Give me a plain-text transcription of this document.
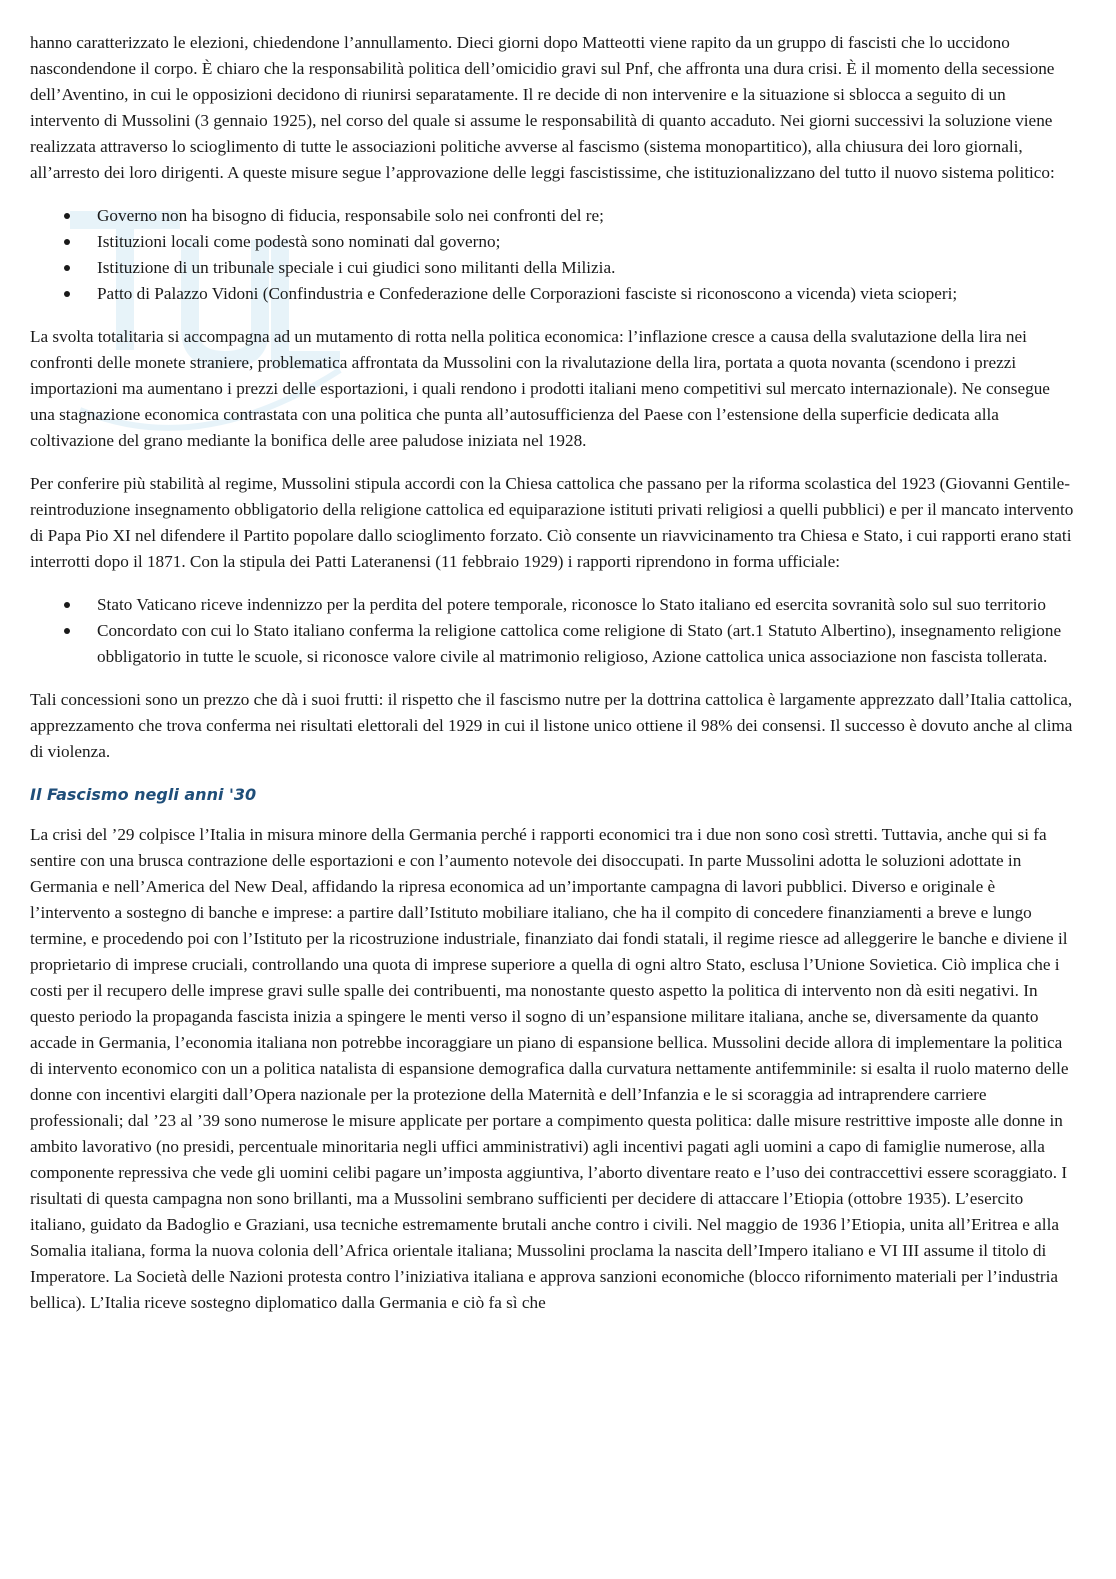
hanno caratterizzato le elezioni, chiedendone l’annullamento. Dieci giorni dopo Matteotti viene rapito da un gruppo di fascisti che lo uccidono nascondendone il corpo. È chiaro che la responsabilità politica dell’omicidio gravi sul Pnf, che affronta una dura crisi. È il momento della secessione dell’Aventino, in cui le opposizioni decidono di riunirsi separatamente. Il re decide di non intervenire e la situazione si sblocca a seguito di un intervento di Mussolini (3 gennaio 1925), nel corso del quale si assume le responsabilità di quanto accaduto. Nei giorni successivi la soluzione viene realizzata attraverso lo scioglimento di tutte le associazioni politiche avverse al fascismo (sistema monopartitico), alla chiusura dei loro giornali, all’arresto dei loro dirigenti. A queste misure segue l’approvazione delle leggi fascistissime, che istituzionalizzano del tutto il nuovo sistema politico:

Governo non ha bisogno di fiducia, responsabile solo nei confronti del re;
Istituzioni locali come podestà sono nominati dal governo;
Istituzione di un tribunale speciale i cui giudici sono militanti della Milizia.
Patto di Palazzo Vidoni (Confindustria e Confederazione delle Corporazioni fasciste si riconoscono a vicenda) vieta scioperi;

La svolta totalitaria si accompagna ad un mutamento di rotta nella politica economica: l’inflazione cresce a causa della svalutazione della lira nei confronti delle monete straniere, problematica affrontata da Mussolini con la rivalutazione della lira, portata a quota novanta (scendono i prezzi importazioni ma aumentano i prezzi delle esportazioni, i quali rendono i prodotti italiani meno competitivi sul mercato internazionale). Ne consegue una stagnazione economica contrastata con una politica che punta all’autosufficienza del Paese con l’estensione della superficie dedicata alla coltivazione del grano mediante la bonifica delle aree paludose iniziata nel 1928.

Per conferire più stabilità al regime, Mussolini stipula accordi con la Chiesa cattolica che passano per la riforma scolastica del 1923 (Giovanni Gentile-reintroduzione insegnamento obbligatorio della religione cattolica ed equiparazione istituti privati religiosi a quelli pubblici) e per il mancato intervento di Papa Pio XI nel difendere il Partito popolare dallo scioglimento forzato. Ciò consente un riavvicinamento tra Chiesa e Stato, i cui rapporti erano stati interrotti dopo il 1871. Con la stipula dei Patti Lateranensi (11 febbraio 1929) i rapporti riprendono in forma ufficiale:

Stato Vaticano riceve indennizzo per la perdita del potere temporale, riconosce lo Stato italiano ed esercita sovranità solo sul suo territorio
Concordato con cui lo Stato italiano conferma la religione cattolica come religione di Stato (art.1 Statuto Albertino), insegnamento religione obbligatorio in tutte le scuole, si riconosce valore civile al matrimonio religioso, Azione cattolica unica associazione non fascista tollerata.

Tali concessioni sono un prezzo che dà i suoi frutti: il rispetto che il fascismo nutre per la dottrina cattolica è largamente apprezzato dall’Italia cattolica, apprezzamento che trova conferma nei risultati elettorali del 1929 in cui il listone unico ottiene il 98% dei consensi. Il successo è dovuto anche al clima di violenza.

Il Fascismo negli anni '30

La crisi del ’29 colpisce l’Italia in misura minore della Germania perché i rapporti economici tra i due non sono così stretti. Tuttavia, anche qui si fa sentire con una brusca contrazione delle esportazioni e con l’aumento notevole dei disoccupati. In parte Mussolini adotta le soluzioni adottate in Germania e nell’America del New Deal, affidando la ripresa economica ad un’importante campagna di lavori pubblici. Diverso e originale è l’intervento a sostegno di banche e imprese: a partire dall’Istituto mobiliare italiano, che ha il compito di concedere finanziamenti a breve e lungo termine, e procedendo poi con l’Istituto per la ricostruzione industriale, finanziato dai fondi statali, il regime riesce ad alleggerire le banche e diviene il proprietario di imprese cruciali, controllando una quota di imprese superiore a quella di ogni altro Stato, esclusa l’Unione Sovietica. Ciò implica che i costi per il recupero delle imprese gravi sulle spalle dei contribuenti, ma nonostante questo aspetto la politica di intervento non dà esiti negativi. In questo periodo la propaganda fascista inizia a spingere le menti verso il sogno di un’espansione militare italiana, anche se, diversamente da quanto accade in Germania, l’economia italiana non potrebbe incoraggiare un piano di espansione bellica. Mussolini decide allora di implementare la politica di intervento economico con un a politica natalista di espansione demografica dalla curvatura nettamente antifemminile: si esalta il ruolo materno delle donne con incentivi elargiti dall’Opera nazionale per la protezione della Maternità e dell’Infanzia e le si scoraggia ad intraprendere carriere professionali; dal ’23 al ’39 sono numerose le misure applicate per portare a compimento questa politica: dalle misure restrittive imposte alle donne in ambito lavorativo (no presidi, percentuale minoritaria negli uffici amministrativi) agli incentivi pagati agli uomini a capo di famiglie numerose, alla componente repressiva che vede gli uomini celibi pagare un’imposta aggiuntiva, l’aborto diventare reato e l’uso dei contraccettivi essere scoraggiato. I risultati di questa campagna non sono brillanti, ma a Mussolini sembrano sufficienti per decidere di attaccare l’Etiopia (ottobre 1935). L’esercito italiano, guidato da Badoglio e Graziani, usa tecniche estremamente brutali anche contro i civili. Nel maggio de 1936 l’Etiopia, unita all’Eritrea e alla Somalia italiana, forma la nuova colonia dell’Africa orientale italiana; Mussolini proclama la nascita dell’Impero italiano e VI III assume il titolo di Imperatore. La Società delle Nazioni protesta contro l’iniziativa italiana e approva sanzioni economiche (blocco rifornimento materiali per l’industria bellica). L’Italia riceve sostegno diplomatico dalla Germania e ciò fa sì che
